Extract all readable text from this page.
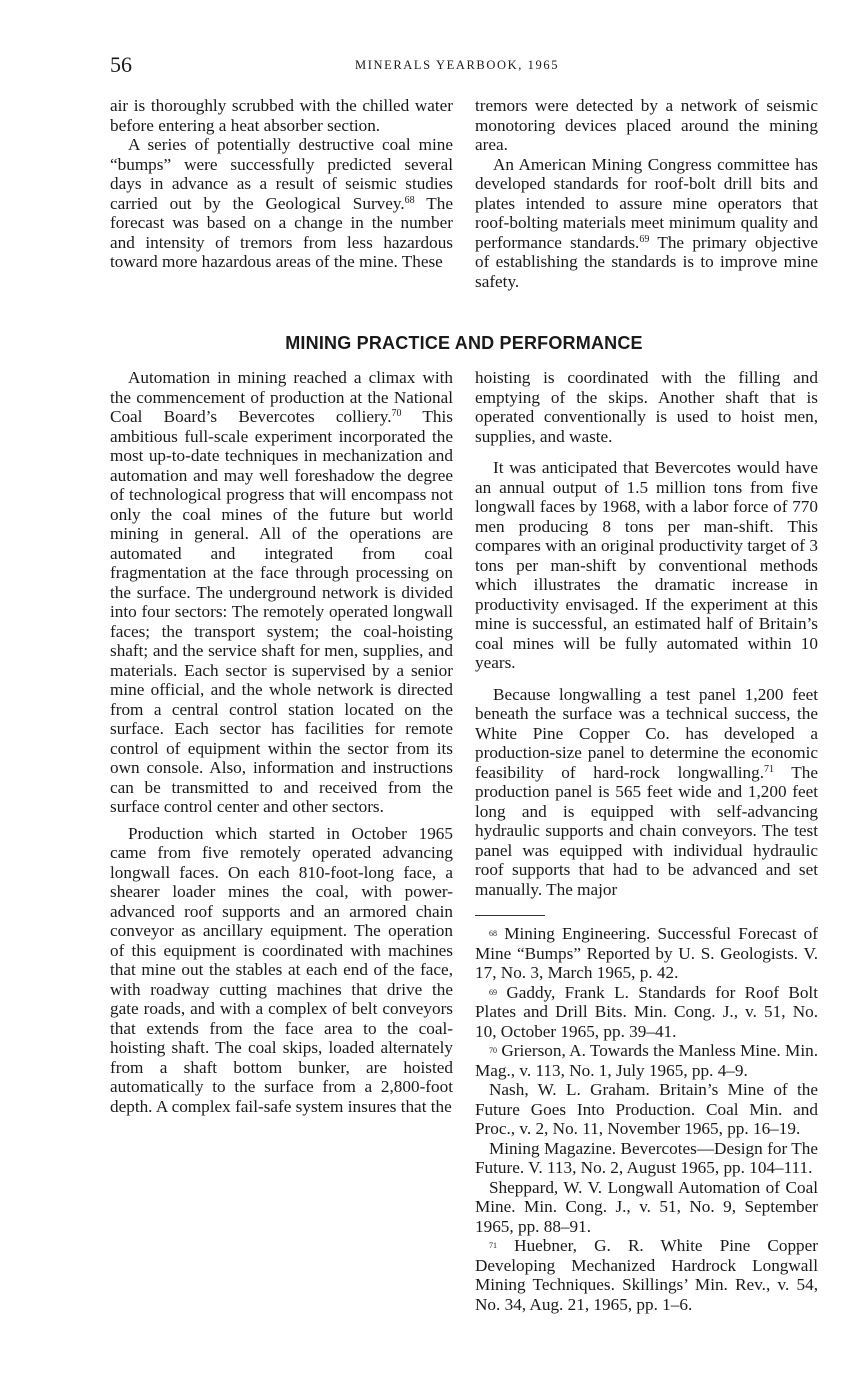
56	MINERALS YEARBOOK, 1965

air is thoroughly scrubbed with the chilled water before entering a heat absorber section.

A series of potentially destructive coal mine “bumps” were successfully predicted several days in advance as a result of seismic studies carried out by the Geological Survey.$^{68}$ The forecast was based on a change in the number and intensity of tremors from less hazardous toward more hazardous areas of the mine. These

tremors were detected by a network of seismic monotoring devices placed around the mining area.

An American Mining Congress committee has developed standards for roof-bolt drill bits and plates intended to assure mine operators that roof-bolting materials meet minimum quality and performance standards.$^{69}$ The primary objective of establishing the standards is to improve mine safety.

MINING PRACTICE AND PERFORMANCE

Automation in mining reached a climax with the commencement of production at the National Coal Board’s Bevercotes colliery.$^{70}$ This ambitious full-scale experiment incorporated the most up-to-date techniques in mechanization and automation and may well foreshadow the degree of technological progress that will encompass not only the coal mines of the future but world mining in general. All of the operations are automated and integrated from coal fragmentation at the face through processing on the surface. The underground network is divided into four sectors: The remotely operated longwall faces; the transport system; the coal-hoisting shaft; and the service shaft for men, supplies, and materials. Each sector is supervised by a senior mine official, and the whole network is directed from a central control station located on the surface. Each sector has facilities for remote control of equipment within the sector from its own console. Also, information and instructions can be transmitted to and received from the surface control center and other sectors.

Production which started in October 1965 came from five remotely operated advancing longwall faces. On each 810-foot-long face, a shearer loader mines the coal, with power-advanced roof supports and an armored chain conveyor as ancillary equipment. The operation of this equipment is coordinated with machines that mine out the stables at each end of the face, with roadway cutting machines that drive the gate roads, and with a complex of belt conveyors that extends from the face area to the coal-hoisting shaft. The coal skips, loaded alternately from a shaft bottom bunker, are hoisted automatically to the surface from a 2,800-foot depth. A complex fail-safe system insures that the

hoisting is coordinated with the filling and emptying of the skips. Another shaft that is operated conventionally is used to hoist men, supplies, and waste.

It was anticipated that Bevercotes would have an annual output of 1.5 million tons from five longwall faces by 1968, with a labor force of 770 men producing 8 tons per man-shift. This compares with an original productivity target of 3 tons per man-shift by conventional methods which illustrates the dramatic increase in productivity envisaged. If the experiment at this mine is successful, an estimated half of Britain’s coal mines will be fully automated within 10 years.

Because longwalling a test panel 1,200 feet beneath the surface was a technical success, the White Pine Copper Co. has developed a production-size panel to determine the economic feasibility of hard-rock longwalling.$^{71}$ The production panel is 565 feet wide and 1,200 feet long and is equipped with self-advancing hydraulic supports and chain conveyors. The test panel was equipped with individual hydraulic roof supports that had to be advanced and set manually. The major

$^{68}$ Mining Engineering. Successful Forecast of Mine “Bumps” Reported by U. S. Geologists. V. 17, No. 3, March 1965, p. 42.

$^{69}$ Gaddy, Frank L. Standards for Roof Bolt Plates and Drill Bits. Min. Cong. J., v. 51, No. 10, October 1965, pp. 39–41.

$^{70}$ Grierson, A. Towards the Manless Mine. Min. Mag., v. 113, No. 1, July 1965, pp. 4–9.

Nash, W. L. Graham. Britain’s Mine of the Future Goes Into Production. Coal Min. and Proc., v. 2, No. 11, November 1965, pp. 16–19.

Mining Magazine. Bevercotes—Design for The Future. V. 113, No. 2, August 1965, pp. 104–111.

Sheppard, W. V. Longwall Automation of Coal Mine. Min. Cong. J., v. 51, No. 9, September 1965, pp. 88–91.

$^{71}$ Huebner, G. R. White Pine Copper Developing Mechanized Hardrock Longwall Mining Techniques. Skillings’ Min. Rev., v. 54, No. 34, Aug. 21, 1965, pp. 1–6.
